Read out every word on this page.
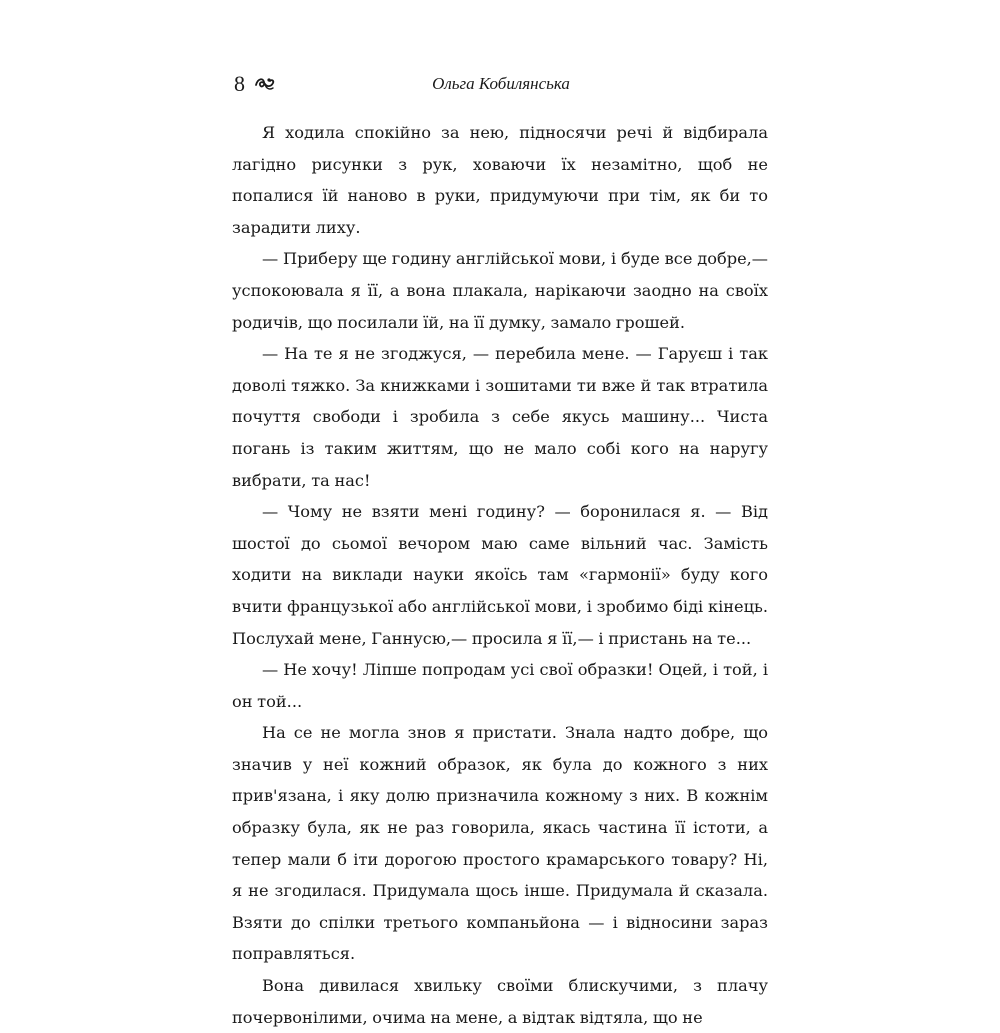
8	Ольга Кобилянська

Я ходила спокійно за нею, підносячи речі й відбирала лагідно рисунки з рук, ховаючи їх незамітно, щоб не попалися їй наново в руки, придумуючи при тім, як би то зарадити лиху.

— Приберу ще годину англійської мови, і буде все добре,— успокоювала я її, а вона плакала, нарікаючи заодно на своїх родичів, що посилали їй, на її думку, замало грошей.

— На те я не згоджуся, — перебила мене. — Гаруєш і так доволі тяжко. За книжками і зошитами ти вже й так втратила почуття свободи і зробила з себе якусь машину... Чиста погань із таким життям, що не мало собі кого на наругу вибрати, та нас!

— Чому не взяти мені годину? — боронилася я. — Від шостої до сьомої вечором маю саме вільний час. Замість ходити на виклади науки якоїсь там «гармонії» буду кого вчити французької або англійської мови, і зробимо біді кінець. Послухай мене, Ганнусю,— просила я її,— і пристань на те...

— Не хочу! Ліпше попродам усі свої образки! Оцей, і той, і он той...

На се не могла знов я пристати. Знала надто добре, що значив у неї кожний образок, як була до кожного з них прив'язана, і яку долю призначила кожному з них. В кожнім образку була, як не раз говорила, якась частина її істоти, а тепер мали б іти дорогою простого крамарського товару? Ні, я не згодилася. Придумала щось інше. Придумала й сказала. Взяти до спілки третього компаньйона — і відносини зараз поправляться.

Вона дивилася хвильку своїми блискучими, з плачу почервонілими, очима на мене, а відтак відтяла, що не
